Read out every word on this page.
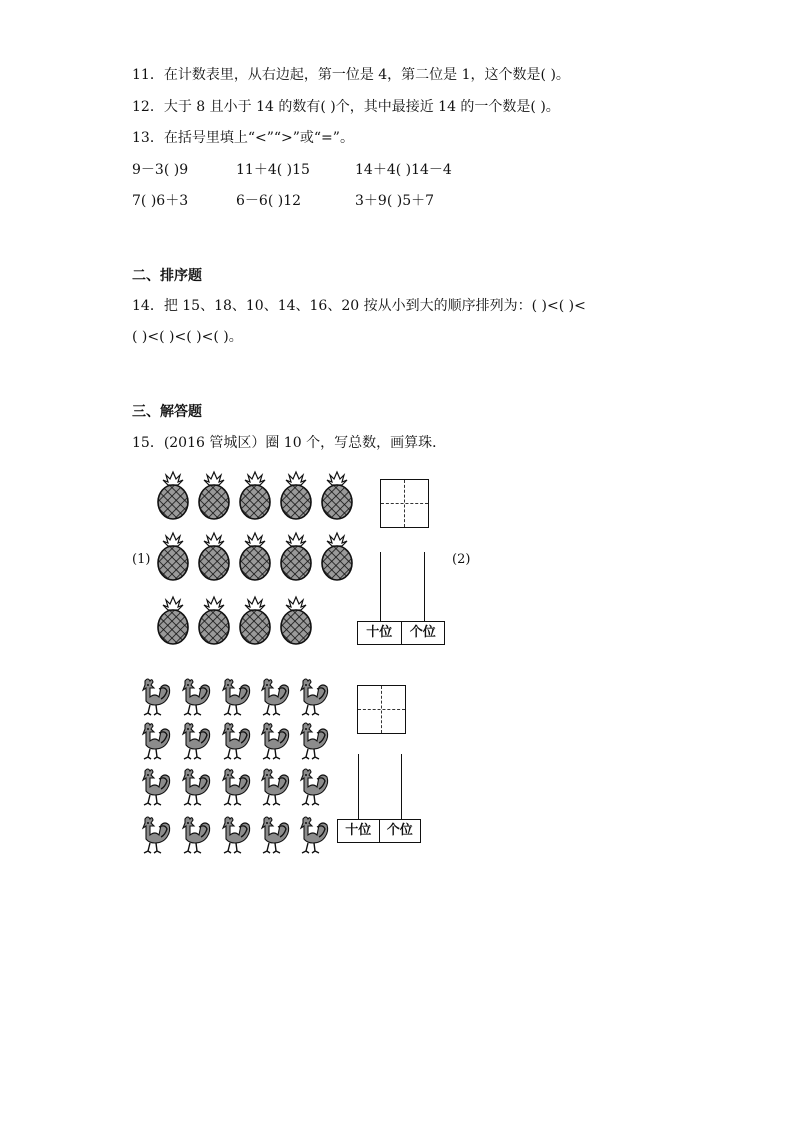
11．在计数表里，从右边起，第一位是 4，第二位是 1，这个数是( )。
12．大于 8 且小于 14 的数有( )个，其中最接近 14 的一个数是( )。
13．在括号里填上“<”“>”或“=”。
9－3( )9	11＋4( )15	14＋4( )14－4
7( )6＋3	6－6( )12	3＋9( )5＋7
二、排序题
14．把 15、18、10、14、16、20 按从小到大的顺序排列为：( )<( )<
( )<( )<( )<( )。
三、解答题
15．(2016 管城区）圈 10 个，写总数，画算珠．
(1)	(2)
十位	个位
十位	个位
